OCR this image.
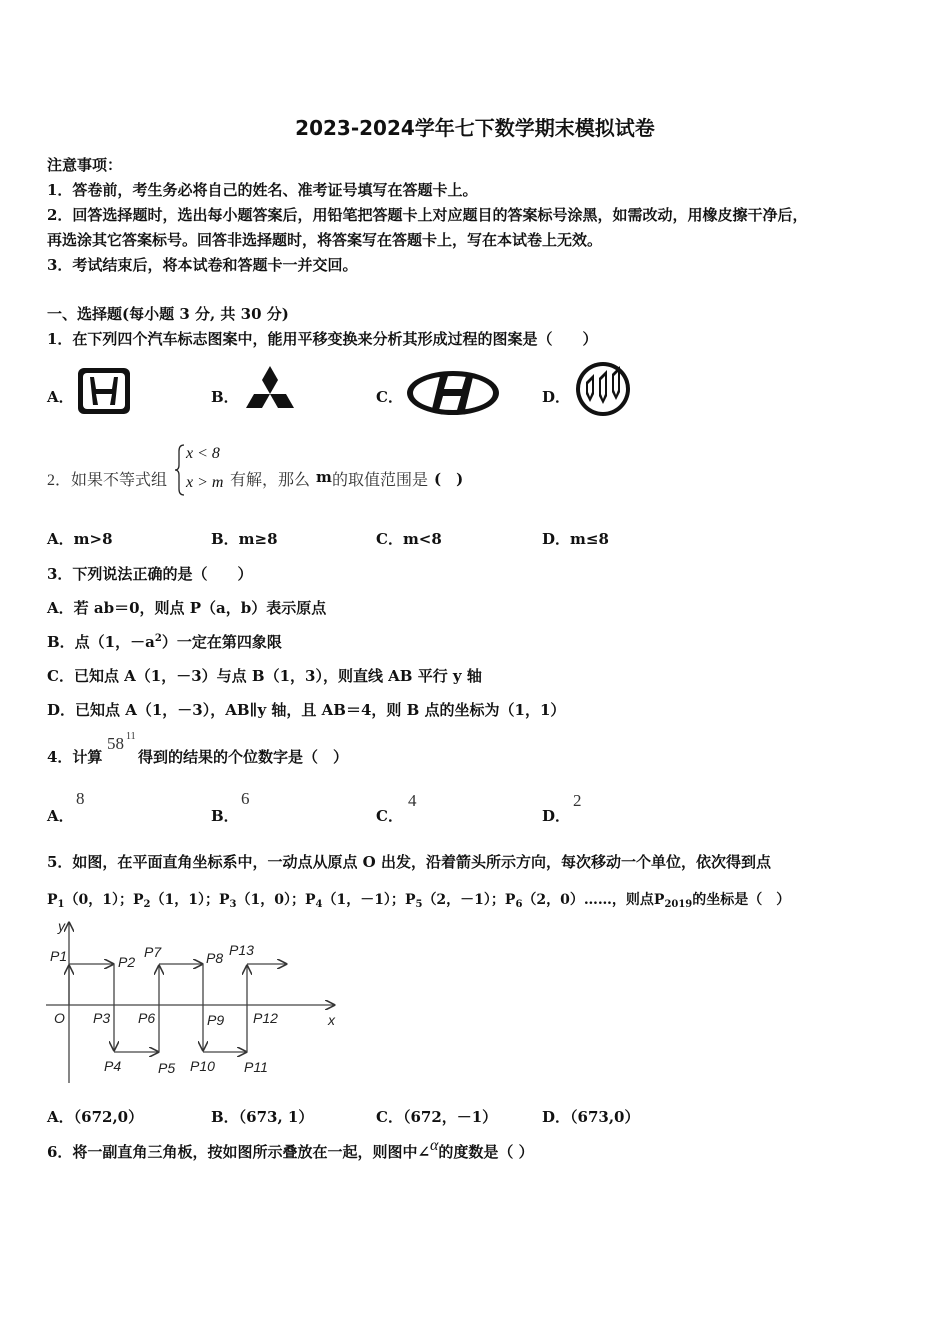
2023-2024学年七下数学期末模拟试卷
注意事项：
1．答卷前，考生务必将自己的姓名、准考证号填写在答题卡上。
2．回答选择题时，选出每小题答案后，用铅笔把答题卡上对应题目的答案标号涂黑，如需改动，用橡皮擦干净后，
再选涂其它答案标号。回答非选择题时，将答案写在答题卡上，写在本试卷上无效。
3．考试结束后，将本试卷和答题卡一并交回。
一、选择题(每小题 3 分, 共 30 分)
1．在下列四个汽车标志图案中，能用平移变换来分析其形成过程的图案是（　　）
A．	B．	C．	D．
2．如果不等式组
x < 8
x > m 有解，那么 m 的取值范围是 (　)
A．m>8	B．m≥8	C．m<8	D．m≤8
3．下列说法正确的是（　　）
A．若 ab＝0，则点 P（a，b）表示原点
B．点（1，$-a^2$）一定在第四象限
C．已知点 A（1，－3）与点 B（1，3），则直线 AB 平行 y 轴
D．已知点 A（1，－3），AB∥y 轴，且 AB＝4，则 B 点的坐标为（1，1）
4．计算
58 11
得到的结果的个位数字是（　）
A．
8
B．
6
C．
4
D．
2
5．如图，在平面直角坐标系中，一动点从原点 O 出发，沿着箭头所示方向，每次移动一个单位，依次得到点
$P_1(0$，1）；$P_2(1$，1）；$P_3(1$，0）；$P_4(1$，－1）；$P_5(2$，－1）；$P_6(2$，0）……，则点$P_{2019}$的坐标是（　）
y
x
O
P1	P2
P3
P4	P5
P6
P7	P8
P9
P10 P11
P12
P13
A．（672,0）	B．（673, 1）	C．（672，－1）	D．（673,0）
6．将一副直角三角板，按如图所示叠放在一起，则图中∠α的度数是（ ）
